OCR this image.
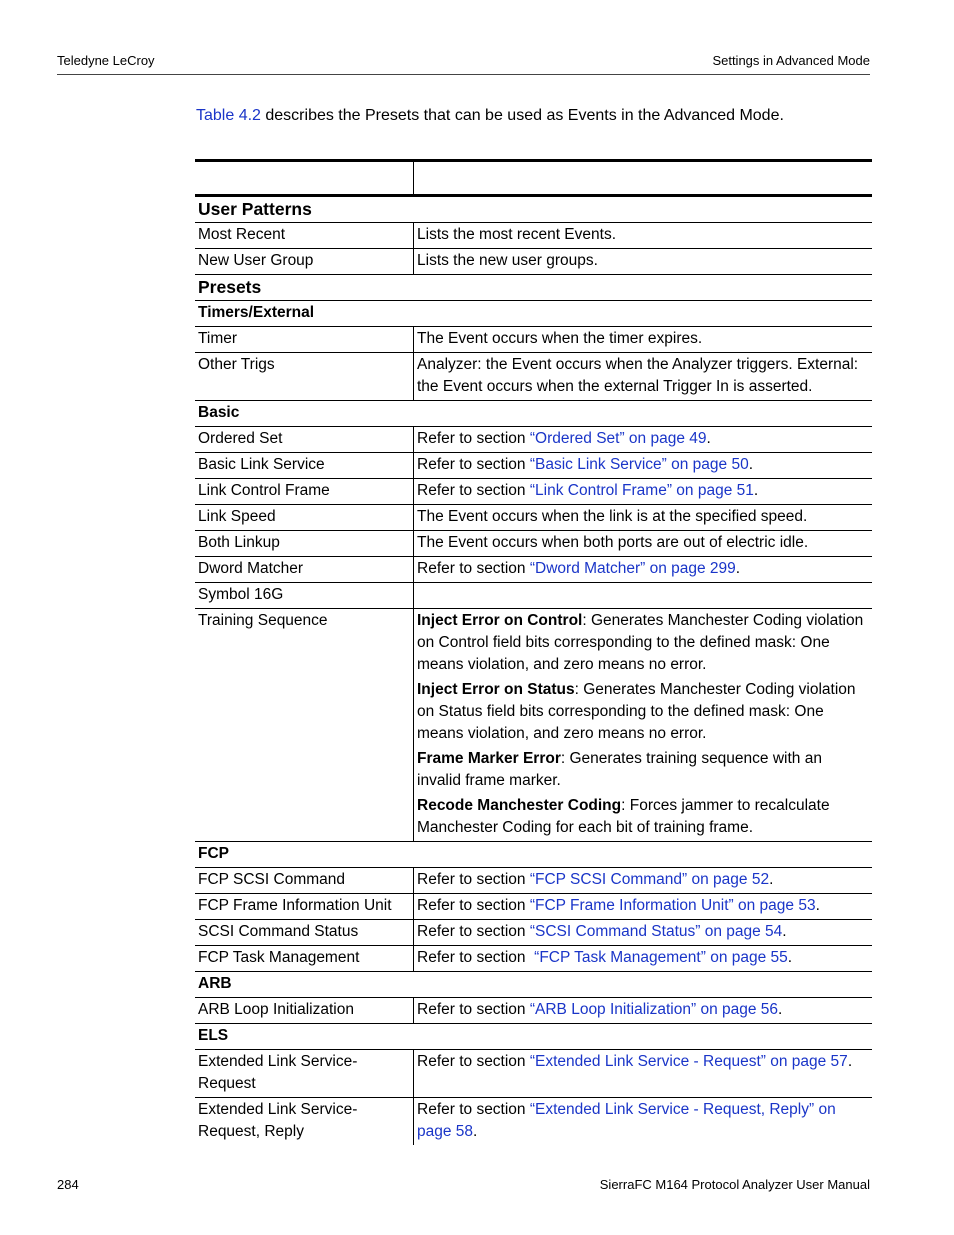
Teledyne LeCroy	Settings in Advanced Mode
Table 4.2 describes the Presets that can be used as Events in the Advanced Mode.

User Patterns	
Most Recent	Lists the most recent Events.
New User Group	Lists the new user groups.
Presets	
Timers/External	
Timer	The Event occurs when the timer expires.
Other Trigs	Analyzer: the Event occurs when the Analyzer triggers. External: the Event occurs when the external Trigger In is asserted.
Basic	
Ordered Set	Refer to section “Ordered Set” on page 49.
Basic Link Service	Refer to section “Basic Link Service” on page 50.
Link Control Frame	Refer to section “Link Control Frame” on page 51.
Link Speed	The Event occurs when the link is at the specified speed.
Both Linkup	The Event occurs when both ports are out of electric idle.
Dword Matcher	Refer to section “Dword Matcher” on page 299.
Symbol 16G	
Training Sequence	Inject Error on Control: Generates Manchester Coding violation on Control field bits corresponding to the defined mask: One means violation, and zero means no error.

Inject Error on Status: Generates Manchester Coding violation on Status field bits corresponding to the defined mask: One means violation, and zero means no error.

Frame Marker Error: Generates training sequence with an invalid frame marker.

Recode Manchester Coding: Forces jammer to recalculate Manchester Coding for each bit of training frame.

FCP	
FCP SCSI Command	Refer to section “FCP SCSI Command” on page 52.
FCP Frame Information Unit	Refer to section “FCP Frame Information Unit” on page 53.
SCSI Command Status	Refer to section “SCSI Command Status” on page 54.
FCP Task Management	Refer to section  “FCP Task Management” on page 55.
ARB	
ARB Loop Initialization	Refer to section “ARB Loop Initialization” on page 56.
ELS	
Extended Link Service-Request	Refer to section “Extended Link Service - Request” on page 57.
Extended Link Service-Request, Reply	Refer to section “Extended Link Service - Request, Reply” on page 58.
284	SierraFC M164 Protocol Analyzer User Manual
